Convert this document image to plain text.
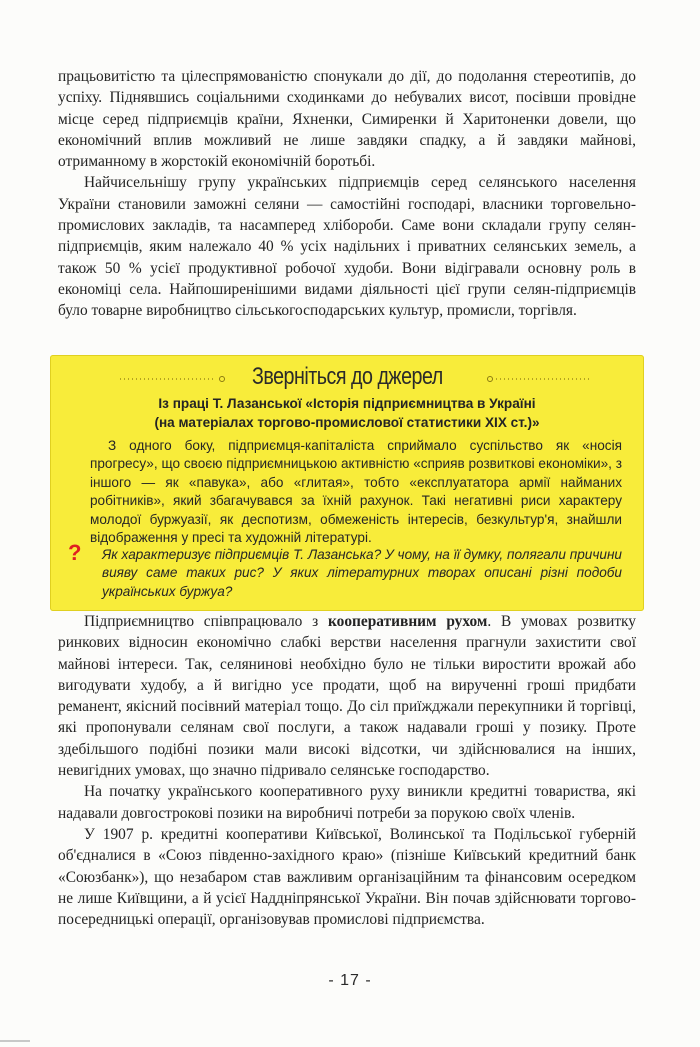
працьовитістю та цілеспрямованістю спонукали до дії, до подолання стереотипів, до успіху. Піднявшись соціальними сходинками до небувалих висот, посівши провідне місце серед підприємців країни, Яхненки, Симиренки й Харитоненки довели, що економічний вплив можливий не лише завдяки спадку, а й завдяки майнові, отриманному в жорстокій економічній боротьбі.

Найчисельнішу групу українських підприємців серед селянського населення України становили заможні селяни — самостійні господарі, власники торговельно-промислових закладів, та насамперед хлібороби. Саме вони складали групу селян-підприємців, яким належало 40 % усіх надільних і приватних селянських земель, а також 50 % усієї продуктивної робочої худоби. Вони відігравали основну роль в економіці села. Найпоширенішими видами діяльності цієї групи селян-підприємців було товарне виробництво сільськогосподарських культур, промисли, торгівля.

Зверніться до джерел
Із праці Т. Лазанської «Історія підприємництва в Україні
(на матеріалах торгово-промислової статистики XIX ст.)»
З одного боку, підприємця-капіталіста сприймало суспільство як «носія прогресу», що своєю підприємницькою активністю «сприяв розвиткові економіки», з іншого — як «павука», або «глитая», тобто «експлуататора армії найманих робітників», який збагачувався за їхній рахунок. Такі негативні риси характеру молодої буржуазії, як деспотизм, обмеженість інтересів, безкультур'я, знайшли відображення у пресі та художній літературі.
? Як характеризує підприємців Т. Лазанська? У чому, на її думку, полягали причини вияву саме таких рис? У яких літературних творах описані різні подоби українських буржуа?

Підприємництво співпрацювало з кооперативним рухом. В умовах розвитку ринкових відносин економічно слабкі верстви населення прагнули захистити свої майнові інтереси. Так, селянинові необхідно було не тільки виростити врожай або вигодувати худобу, а й вигідно усе продати, щоб на вирученні гроші придбати реманент, якісний посівний матеріал тощо. До сіл приїжджали перекупники й торгівці, які пропонували селянам свої послуги, а також надавали гроші у позику. Проте здебільшого подібні позики мали високі відсотки, чи здійснювалися на інших, невигідних умовах, що значно підривало селянське господарство.

На початку українського кооперативного руху виникли кредитні товариства, які надавали довгострокові позики на виробничі потреби за порукою своїх членів.

У 1907 р. кредитні кооперативи Київської, Волинської та Подільської губерній об'єдналися в «Союз південно-західного краю» (пізніше Київський кредитний банк «Союзбанк»), що незабаром став важливим організаційним та фінансовим осередком не лише Київщини, а й усієї Наддніпрянської України. Він почав здійснювати торгово-посередницькі операції, організовував промислові підприємства.

- 17 -
